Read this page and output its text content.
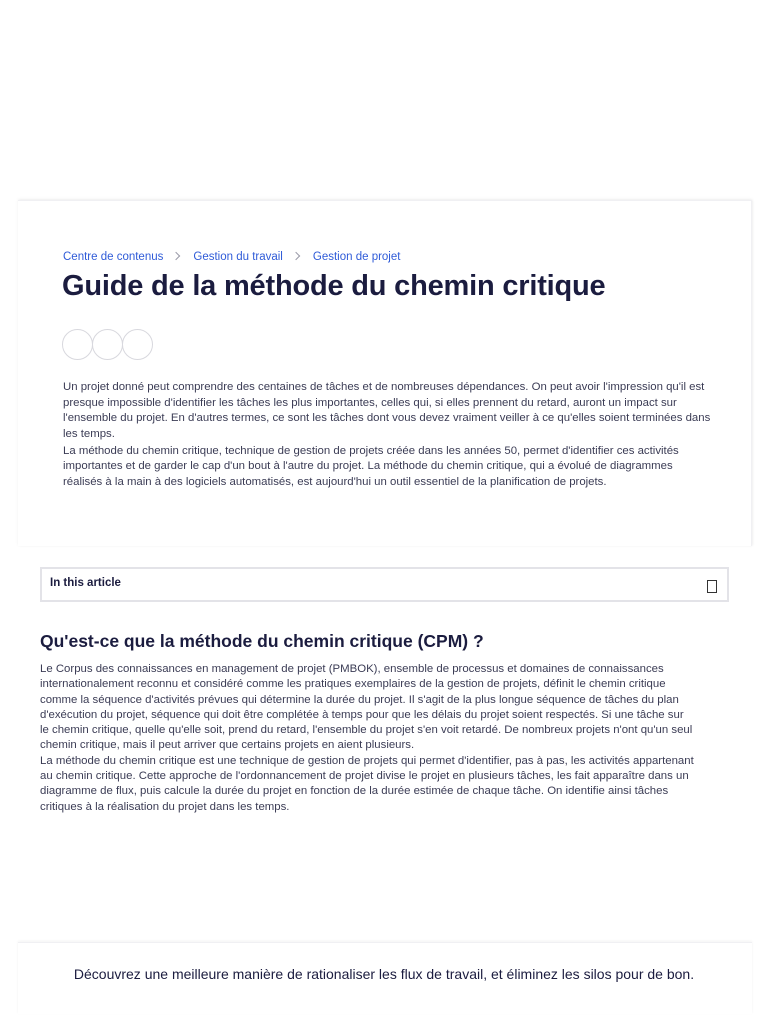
Centre de contenus	Gestion du travail	Gestion de projet
Guide de la méthode du chemin critique

Un projet donné peut comprendre des centaines de tâches et de nombreuses dépendances. On peut avoir l'impression qu'il est presque impossible d'identifier les tâches les plus importantes, celles qui, si elles prennent du retard, auront un impact sur l'ensemble du projet. En d'autres termes, ce sont les tâches dont vous devez vraiment veiller à ce qu'elles soient terminées dans les temps.

La méthode du chemin critique, technique de gestion de projets créée dans les années 50, permet d'identifier ces activités importantes et de garder le cap d'un bout à l'autre du projet. La méthode du chemin critique, qui a évolué de diagrammes réalisés à la main à des logiciels automatisés, est aujourd'hui un outil essentiel de la planification de projets.

In this article
Qu'est-ce que la méthode du chemin critique (CPM) ?

Le Corpus des connaissances en management de projet (PMBOK), ensemble de processus et domaines de connaissances internationalement reconnu et considéré comme les pratiques exemplaires de la gestion de projets, définit le chemin critique comme la séquence d'activités prévues qui détermine la durée du projet. Il s'agit de la plus longue séquence de tâches du plan d'exécution du projet, séquence qui doit être complétée à temps pour que les délais du projet soient respectés. Si une tâche sur le chemin critique, quelle qu'elle soit, prend du retard, l'ensemble du projet s'en voit retardé. De nombreux projets n'ont qu'un seul chemin critique, mais il peut arriver que certains projets en aient plusieurs.

La méthode du chemin critique est une technique de gestion de projets qui permet d'identifier, pas à pas, les activités appartenant au chemin critique. Cette approche de l'ordonnancement de projet divise le projet en plusieurs tâches, les fait apparaître dans un diagramme de flux, puis calcule la durée du projet en fonction de la durée estimée de chaque tâche. On identifie ainsi tâches critiques à la réalisation du projet dans les temps.

Découvrez une meilleure manière de rationaliser les flux de travail, et éliminez les silos pour de bon.
